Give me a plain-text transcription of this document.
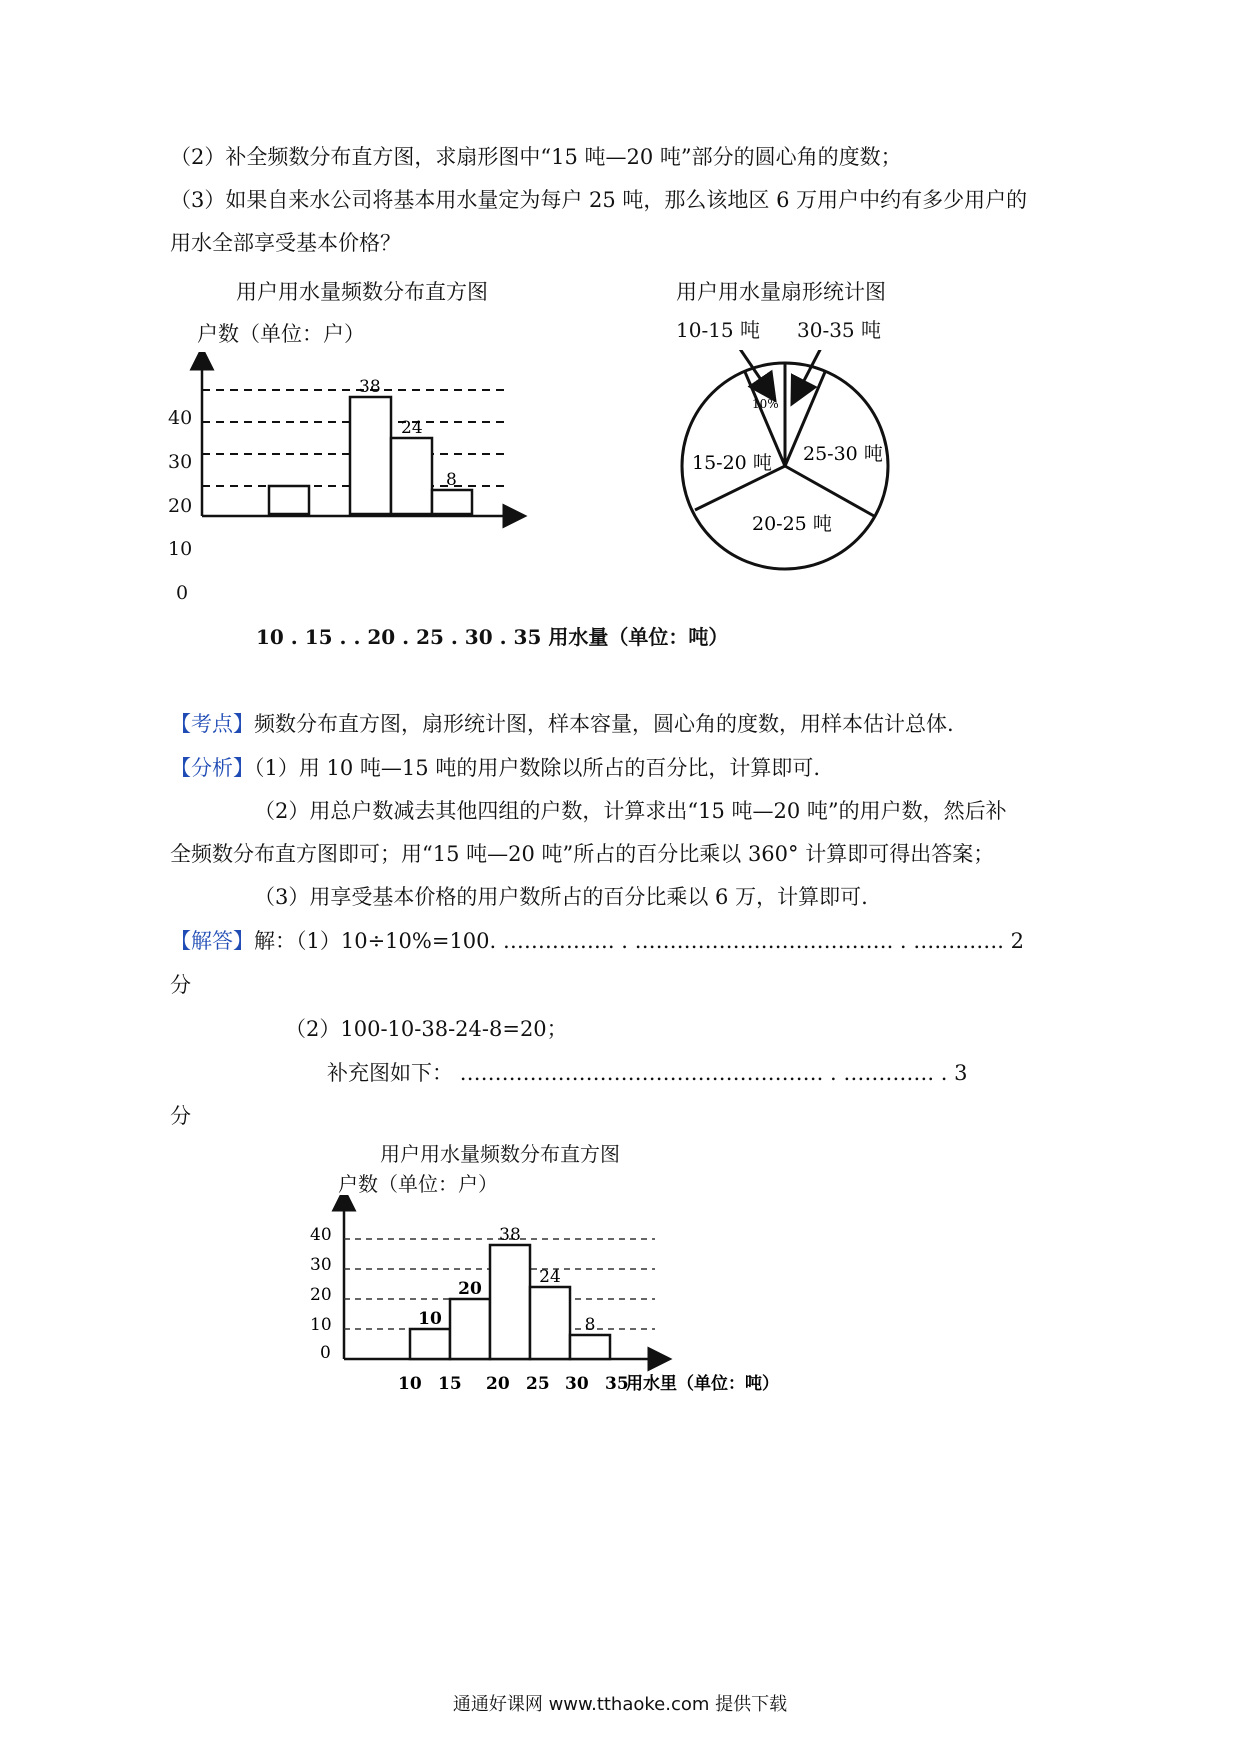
（2）补全频数分布直方图，求扇形图中“15 吨—20 吨”部分的圆心角的度数；
（3）如果自来水公司将基本用水量定为每户 25 吨，那么该地区 6 万用户中约有多少用户的
用水全部享受基本价格？
用户用水量频数分布直方图
户数（单位：户）
38
24
8
40
30
20
10
0
10 . 15 . . 20 . 25 . 30 . 35 用水量（单位：吨）
用户用水量扇形统计图
10-15 吨 30-35 吨
10%
25-30 吨
15-20 吨
20-25 吨
【考点】频数分布直方图，扇形统计图，样本容量，圆心角的度数，用样本估计总体.
【分析】（1）用 10 吨—15 吨的用户数除以所占的百分比，计算即可.
（2）用总户数减去其他四组的户数，计算求出“15 吨—20 吨”的用户数，然后补
全频数分布直方图即可；用“15 吨—20 吨”所占的百分比乘以 360° 计算即可得出答案；
（3）用享受基本价格的用户数所占的百分比乘以 6 万，计算即可.
【解答】解：（1）10÷10%=100. ……………. . ………………………………. . …………. 2
分
（2）100-10-38-24-8=20；
补充图如下： ……………………………………………. . …………. . 3
分
用户用水量频数分布直方图
户数（单位：户）
10
20
38
24
8
40
30
20
10
0
10 15 20 25 30 35
用水里（单位：吨）
通通好课网 www.tthaoke.com 提供下载
